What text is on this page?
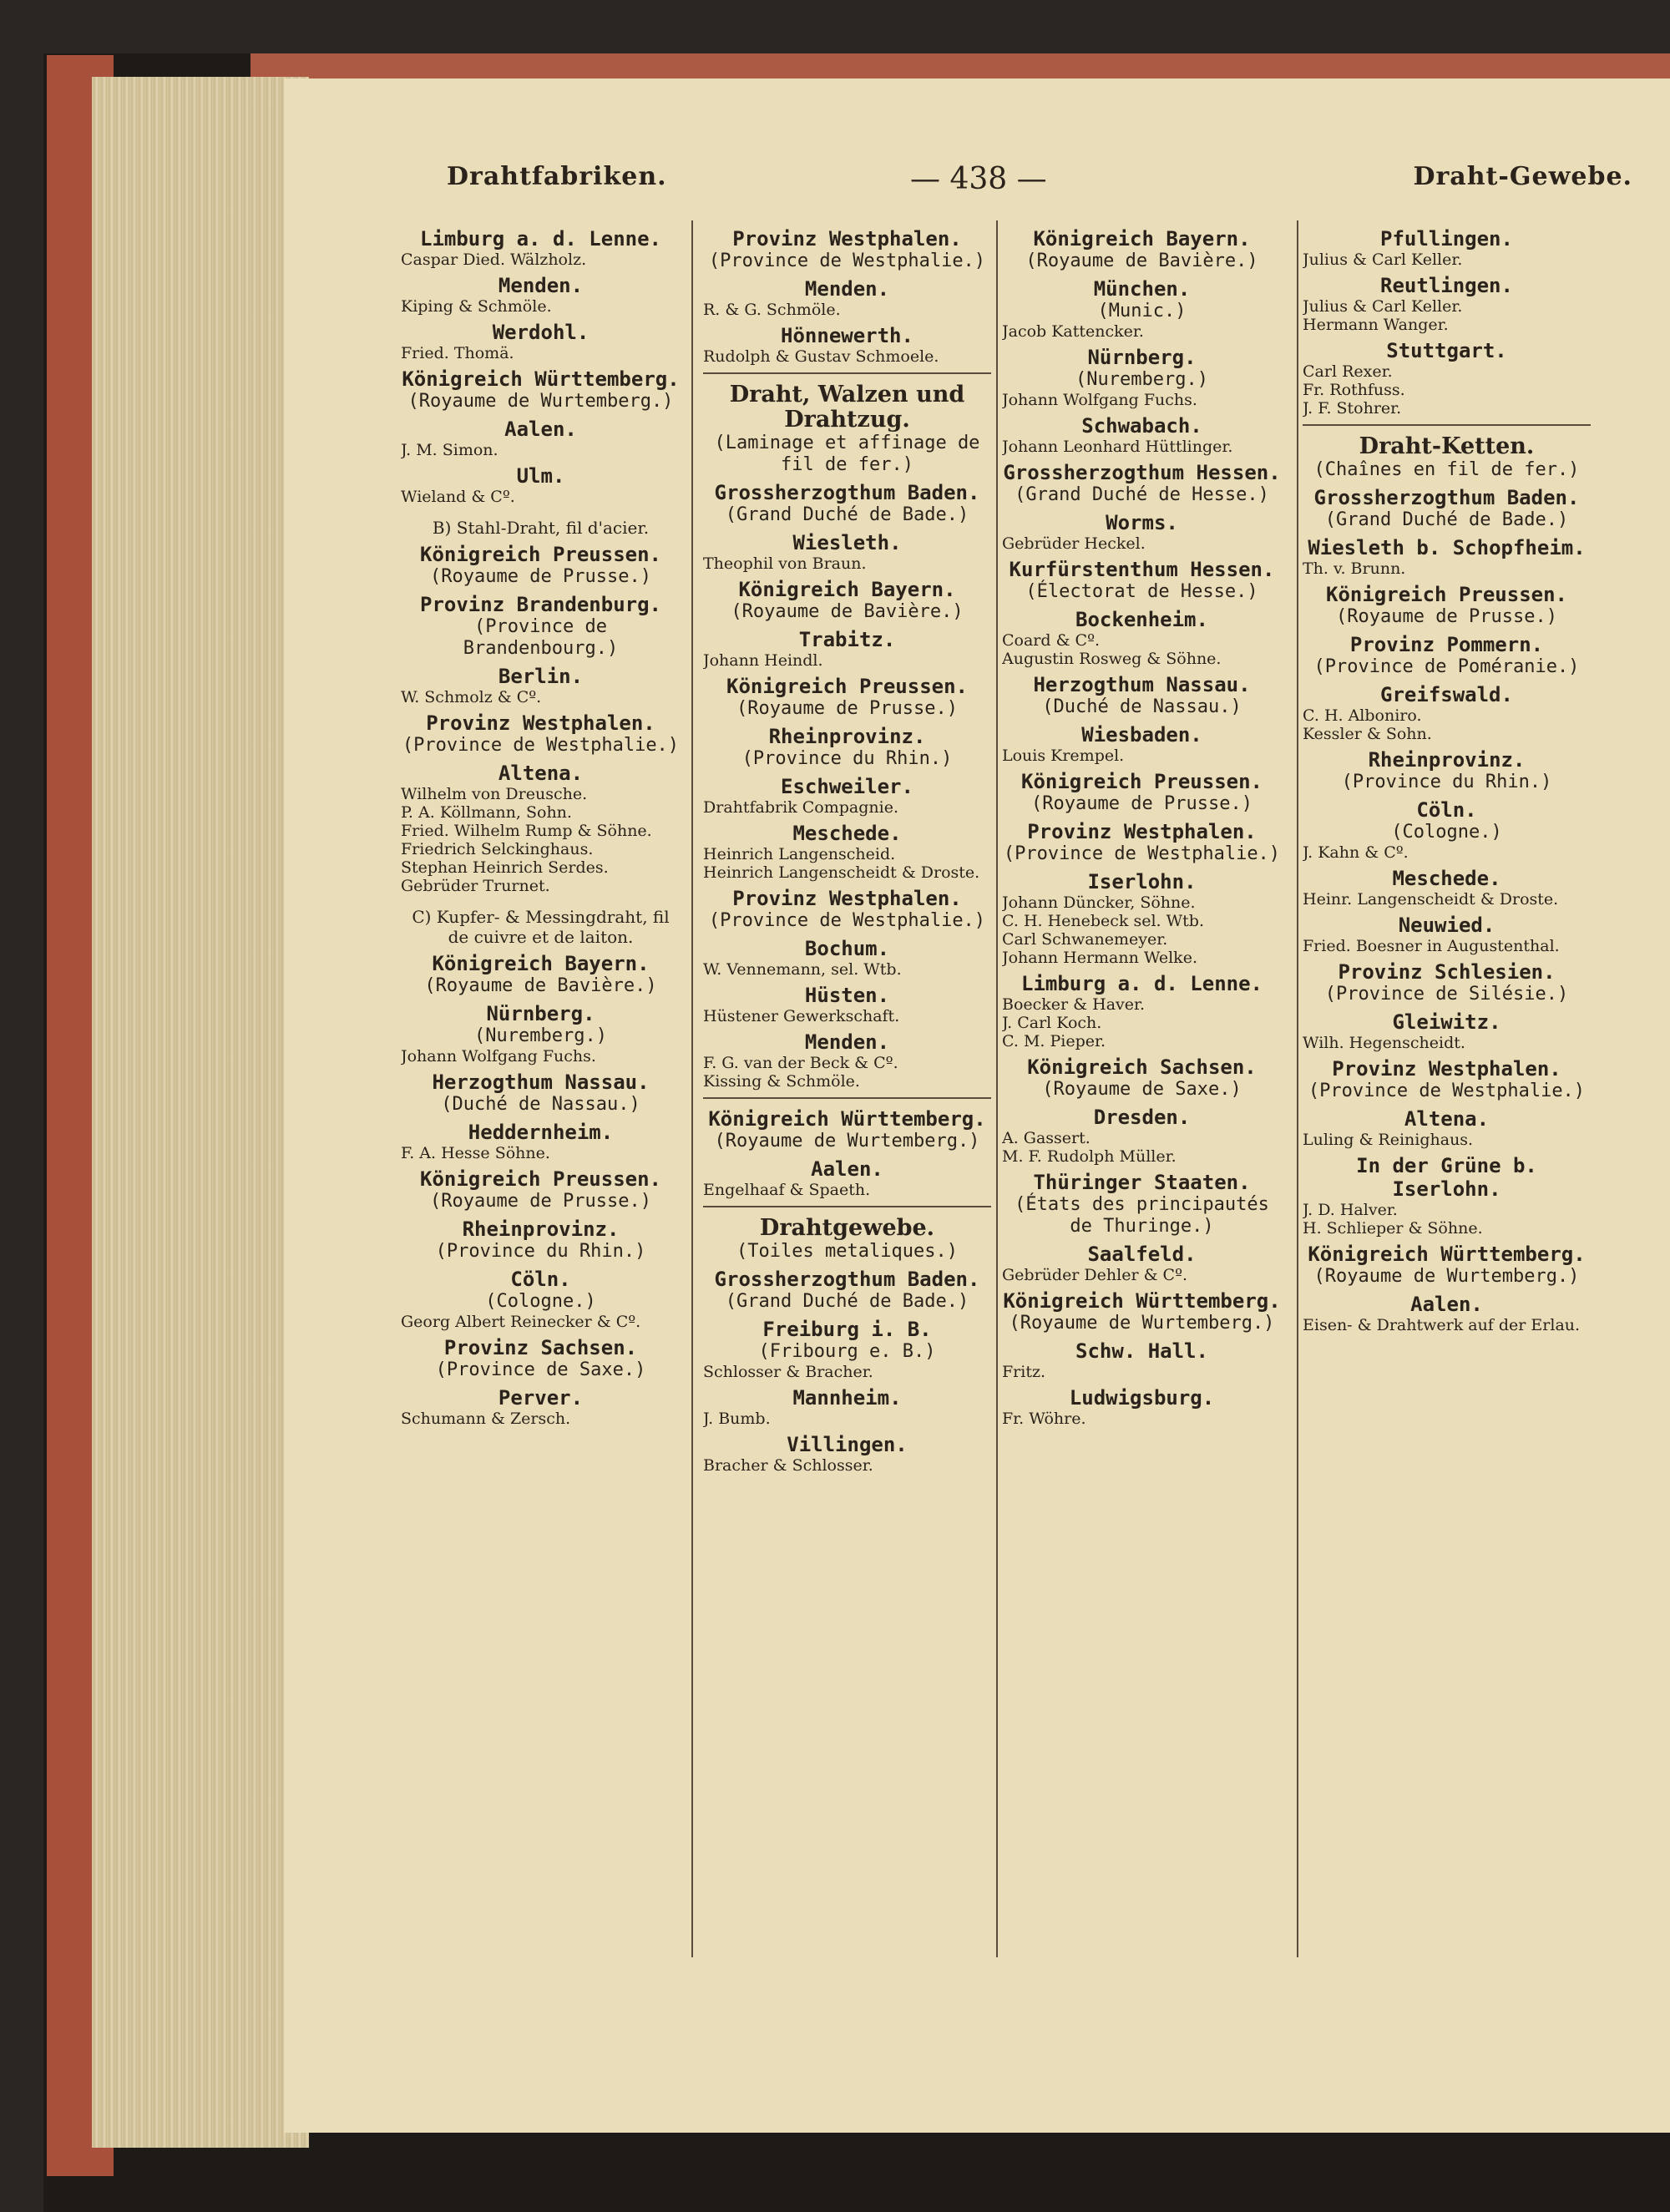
Drahtfabriken.	— 438 —	Draht-Gewebe.
Limburg a. d. Lenne.
Caspar Died. Wälzholz.
Menden.
Kiping & Schmöle.
Werdohl.
Fried. Thomä.
Königreich Württemberg.
(Royaume de Wurtemberg.)
Aalen.
J. M. Simon.
Ulm.
Wieland & Cº.
B) Stahl-Draht, fil d'acier.
Königreich Preussen.
(Royaume de Prusse.)
Provinz Brandenburg.
(Province de Brandenbourg.)
Berlin.
W. Schmolz & Cº.
Provinz Westphalen.
(Province de Westphalie.)
Altena.
Wilhelm von Dreusche.
P. A. Köllmann, Sohn.
Fried. Wilhelm Rump & Söhne.
Friedrich Selckinghaus.
Stephan Heinrich Serdes.
Gebrüder Trurnet.
C) Kupfer- & Messingdraht, fil de cuivre et de laiton.
Königreich Bayern.
(Royaume de Bavière.)
Nürnberg.
(Nuremberg.)
Johann Wolfgang Fuchs.
Herzogthum Nassau.
(Duché de Nassau.)
Heddernheim.
F. A. Hesse Söhne.
Königreich Preussen.
(Royaume de Prusse.)
Rheinprovinz.
(Province du Rhin.)
Cöln.
(Cologne.)
Georg Albert Reinecker & Cº.
Provinz Sachsen.
(Province de Saxe.)
Perver.
Schumann & Zersch.
Provinz Westphalen.
(Province de Westphalie.)
Menden.
R. & G. Schmöle.
Hönnewerth.
Rudolph & Gustav Schmoele.
Draht, Walzen und Drahtzug.
(Laminage et affinage de fil de fer.)
Grossherzogthum Baden.
(Grand Duché de Bade.)
Wiesleth.
Theophil von Braun.
Königreich Bayern.
(Royaume de Bavière.)
Trabitz.
Johann Heindl.
Königreich Preussen.
(Royaume de Prusse.)
Rheinprovinz.
(Province du Rhin.)
Eschweiler.
Drahtfabrik Compagnie.
Meschede.
Heinrich Langenscheid.
Heinrich Langenscheidt & Droste.
Provinz Westphalen.
(Province de Westphalie.)
Bochum.
W. Vennemann, sel. Wtb.
Hüsten.
Hüstener Gewerkschaft.
Menden.
F. G. van der Beck & Cº.
Kissing & Schmöle.
Königreich Württemberg.
(Royaume de Wurtemberg.)
Aalen.
Engelhaaf & Spaeth.
Drahtgewebe.
(Toiles metaliques.)
Grossherzogthum Baden.
(Grand Duché de Bade.)
Freiburg i. B.
(Fribourg e. B.)
Schlosser & Bracher.
Mannheim.
J. Bumb.
Villingen.
Bracher & Schlosser.
Königreich Bayern.
(Royaume de Bavière.)
München.
(Munic.)
Jacob Kattencker.
Nürnberg.
(Nuremberg.)
Johann Wolfgang Fuchs.
Schwabach.
Johann Leonhard Hüttlinger.
Grossherzogthum Hessen.
(Grand Duché de Hesse.)
Worms.
Gebrüder Heckel.
Kurfürstenthum Hessen.
(Électorat de Hesse.)
Bockenheim.
Coard & Cº.
Augustin Rosweg & Söhne.
Herzogthum Nassau.
(Duché de Nassau.)
Wiesbaden.
Louis Krempel.
Königreich Preussen.
(Royaume de Prusse.)
Provinz Westphalen.
(Province de Westphalie.)
Iserlohn.
Johann Düncker, Söhne.
C. H. Henebeck sel. Wtb.
Carl Schwanemeyer.
Johann Hermann Welke.
Limburg a. d. Lenne.
Boecker & Haver.
J. Carl Koch.
C. M. Pieper.
Königreich Sachsen.
(Royaume de Saxe.)
Dresden.
A. Gassert.
M. F. Rudolph Müller.
Thüringer Staaten.
(États des principautés de Thuringe.)
Saalfeld.
Gebrüder Dehler & Cº.
Königreich Württemberg.
(Royaume de Wurtemberg.)
Schw. Hall.
Fritz.
Ludwigsburg.
Fr. Wöhre.
Pfullingen.
Julius & Carl Keller.
Reutlingen.
Julius & Carl Keller.
Hermann Wanger.
Stuttgart.
Carl Rexer.
Fr. Rothfuss.
J. F. Stohrer.
Draht-Ketten.
(Chaînes en fil de fer.)
Grossherzogthum Baden.
(Grand Duché de Bade.)
Wiesleth b. Schopfheim.
Th. v. Brunn.
Königreich Preussen.
(Royaume de Prusse.)
Provinz Pommern.
(Province de Poméranie.)
Greifswald.
C. H. Alboniro.
Kessler & Sohn.
Rheinprovinz.
(Province du Rhin.)
Cöln.
(Cologne.)
J. Kahn & Cº.
Meschede.
Heinr. Langenscheidt & Droste.
Neuwied.
Fried. Boesner in Augustenthal.
Provinz Schlesien.
(Province de Silésie.)
Gleiwitz.
Wilh. Hegenscheidt.
Provinz Westphalen.
(Province de Westphalie.)
Altena.
Luling & Reinighaus.
In der Grüne b. Iserlohn.
J. D. Halver.
H. Schlieper & Söhne.
Königreich Württemberg.
(Royaume de Wurtemberg.)
Aalen.
Eisen- & Drahtwerk auf der Erlau.
